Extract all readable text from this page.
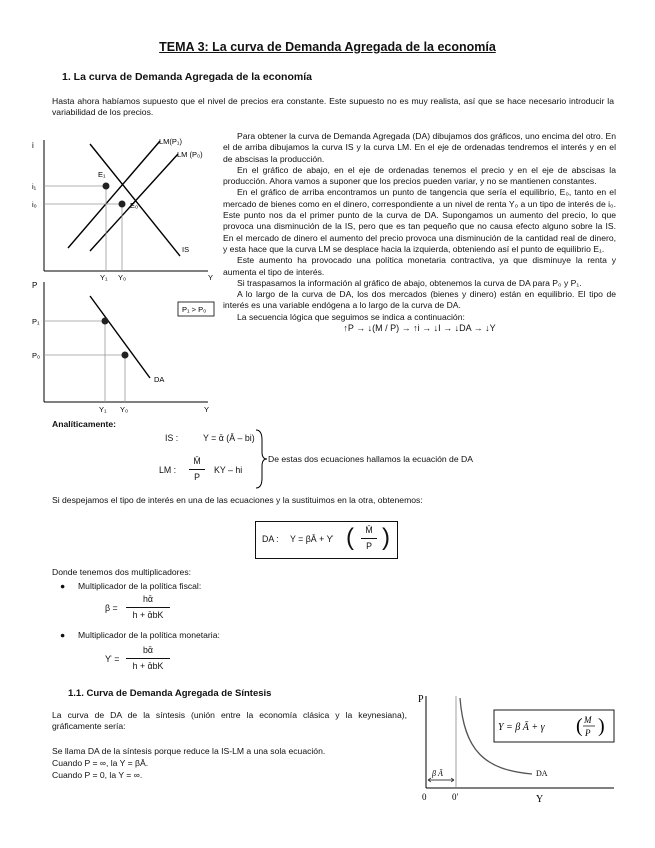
TEMA 3: La curva de Demanda Agregada de la economía
1. La curva de Demanda Agregada de la economía
Hasta ahora habíamos supuesto que el nivel de precios era constante. Este supuesto no es muy realista, así que se hace necesario introducir la variabilidad de los precios.
i
i₁
i₀
LM(P₁)
LM (P₀)
E₁
E₀
IS
Y₁ Y₀	Y
P₁ > P₀
P
P₁
P₀
DA
Y₁ Y₀	Y

Para obtener la curva de Demanda Agregada (DA) dibujamos dos gráficos, uno encima del otro. En el de arriba dibujamos la curva IS y la curva LM. En el eje de ordenadas tendremos el interés y en el de abscisas la producción.

En el gráfico de abajo, en el eje de ordenadas tenemos el precio y en el eje de abscisas la producción. Ahora vamos a suponer que los precios pueden variar, y no se mantienen constantes.

En el gráfico de arriba encontramos un punto de tangencia que sería el equilibrio, E₀, tanto en el mercado de bienes como en el dinero, correspondiente a un nivel de renta Y₀ a un tipo de interés de i₀. Este punto nos da el primer punto de la curva de DA. Supongamos un aumento del precio, lo que provoca una disminución de la IS, pero que es tan pequeño que no causa efecto alguno sobre la IS. En el mercado de dinero el aumento del precio provoca una disminución de la cantidad real de dinero, y esta hace que la curva LM se desplace hacia la izquierda, obteniendo así el punto de equilibrio E₁.

Este aumento ha provocado una política monetaria contractiva, ya que disminuye la renta y aumenta el tipo de interés.

Si traspasamos la información al gráfico de abajo, obtenemos la curva de DA para P₀ y P₁.

A lo largo de la curva de DA, los dos mercados (bienes y dinero) están en equilibrio. El tipo de interés es una variable endógena a lo largo de la curva de DA.

La secuencia lógica que seguimos se indica a continuación:

↑P → ↓(M / P) → ↑i → ↓I → ↓DA → ↓Y

Analíticamente:
IS :	Y = ᾱ (Ā – bi)
LM :
M̄
P
KY – hi
De estas dos ecuaciones hallamos la ecuación de DA
Si despejamos el tipo de interés en una de las ecuaciones y la sustituimos en la otra, obtenemos:
DA : Y = βĀ + ϒ (	M̄
P )
Donde tenemos dos multiplicadores:
● Multiplicador de la política fiscal:
β =
hᾱ
h + ᾱbK
● Multiplicador de la política monetaria:
ϒ =
bᾱ
h + ᾱbK
1.1. Curva de Demanda Agregada de Síntesis
La curva de DA de la síntesis (unión entre la economía clásica y la keynesiana), gráficamente sería:
Se llama DA de la síntesis porque reduce la IS-LM a una sola ecuación.
Cuando P = ∞, la Y = βĀ.
Cuando P = 0, la Y = ∞.
P
Y = β Ā + γ ( M
P )
β Ā	DA
0	0′	Y
